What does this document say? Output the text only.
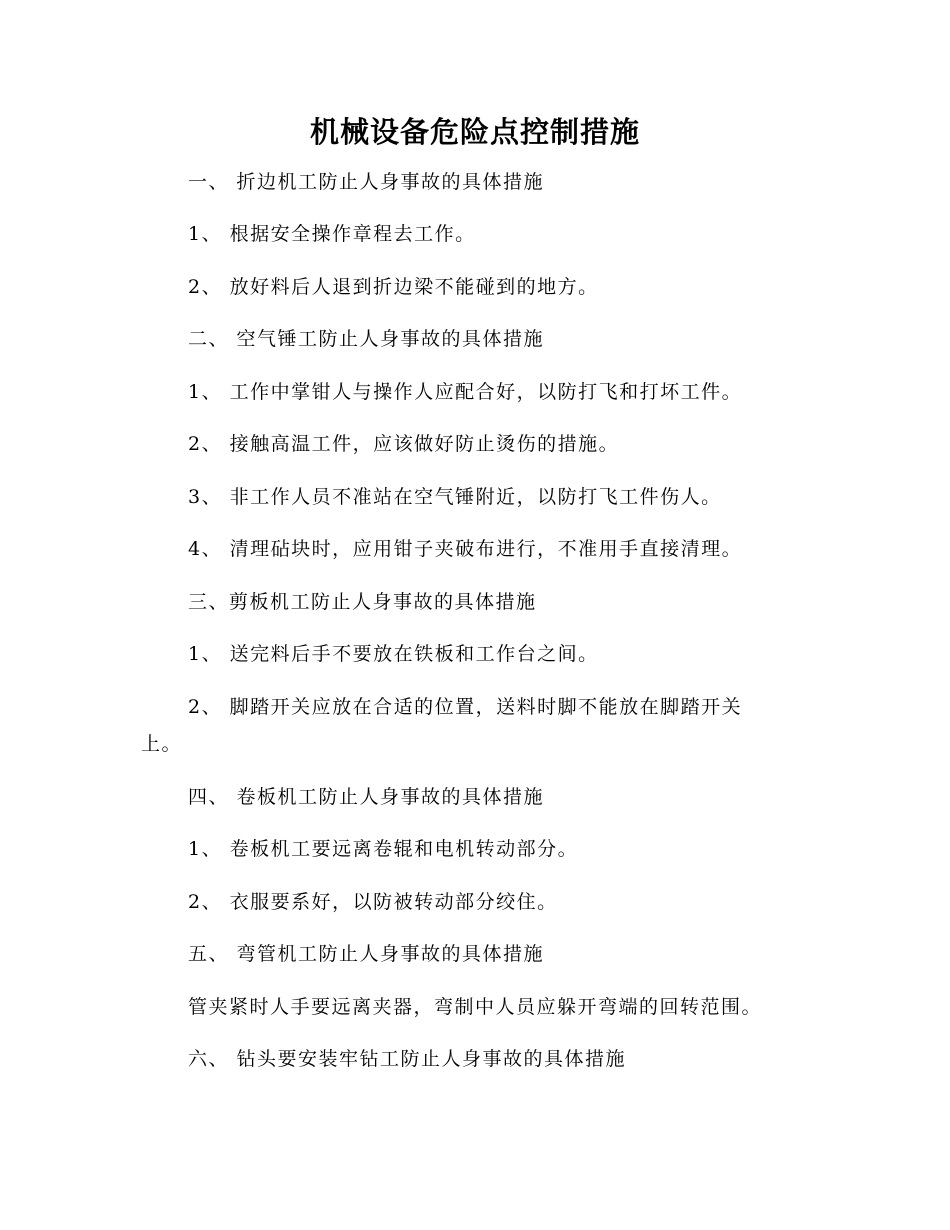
机械设备危险点控制措施
一、 折边机工防止人身事故的具体措施
1、 根据安全操作章程去工作。
2、 放好料后人退到折边梁不能碰到的地方。
二、 空气锤工防止人身事故的具体措施
1、 工作中掌钳人与操作人应配合好，以防打飞和打坏工件。
2、 接触高温工件，应该做好防止烫伤的措施。
3、 非工作人员不准站在空气锤附近，以防打飞工件伤人。
4、 清理砧块时，应用钳子夹破布进行，不准用手直接清理。
三、剪板机工防止人身事故的具体措施
1、 送完料后手不要放在铁板和工作台之间。
2、 脚踏开关应放在合适的位置，送料时脚不能放在脚踏开关
上。
四、 卷板机工防止人身事故的具体措施
1、 卷板机工要远离卷辊和电机转动部分。
2、 衣服要系好，以防被转动部分绞住。
五、 弯管机工防止人身事故的具体措施
管夹紧时人手要远离夹器，弯制中人员应躲开弯端的回转范围。
六、 钻头要安装牢钻工防止人身事故的具体措施
